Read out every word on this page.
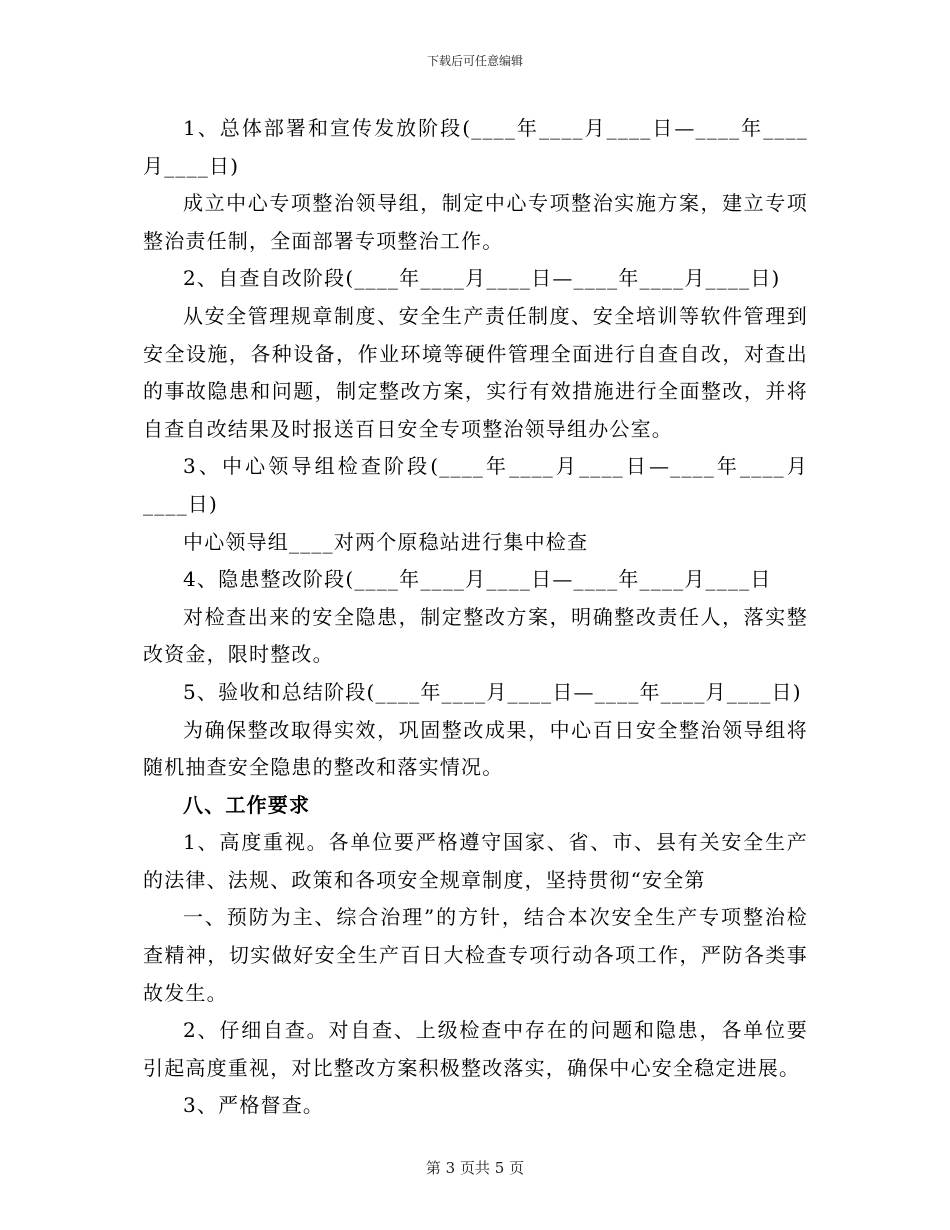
下载后可任意编辑

1、总体部署和宣传发放阶段(____年____月____日—____年____月____日)

成立中心专项整治领导组，制定中心专项整治实施方案，建立专项整治责任制，全面部署专项整治工作。

2、自查自改阶段(____年____月____日—____年____月____日)

从安全管理规章制度、安全生产责任制度、安全培训等软件管理到安全设施，各种设备，作业环境等硬件管理全面进行自查自改，对查出的事故隐患和问题，制定整改方案，实行有效措施进行全面整改，并将自查自改结果及时报送百日安全专项整治领导组办公室。

3、中心领导组检查阶段(____年____月____日—____年____月____日)

中心领导组____对两个原稳站进行集中检查

4、隐患整改阶段(____年____月____日—____年____月____日

对检查出来的安全隐患，制定整改方案，明确整改责任人，落实整改资金，限时整改。

5、验收和总结阶段(____年____月____日—____年____月____日)

为确保整改取得实效，巩固整改成果，中心百日安全整治领导组将随机抽查安全隐患的整改和落实情况。

八、工作要求

1、高度重视。各单位要严格遵守国家、省、市、县有关安全生产的法律、法规、政策和各项安全规章制度，坚持贯彻“安全第

一、预防为主、综合治理”的方针，结合本次安全生产专项整治检查精神，切实做好安全生产百日大检查专项行动各项工作，严防各类事故发生。

2、仔细自查。对自查、上级检查中存在的问题和隐患，各单位要引起高度重视，对比整改方案积极整改落实，确保中心安全稳定进展。

3、严格督查。

第 3 页共 5 页
